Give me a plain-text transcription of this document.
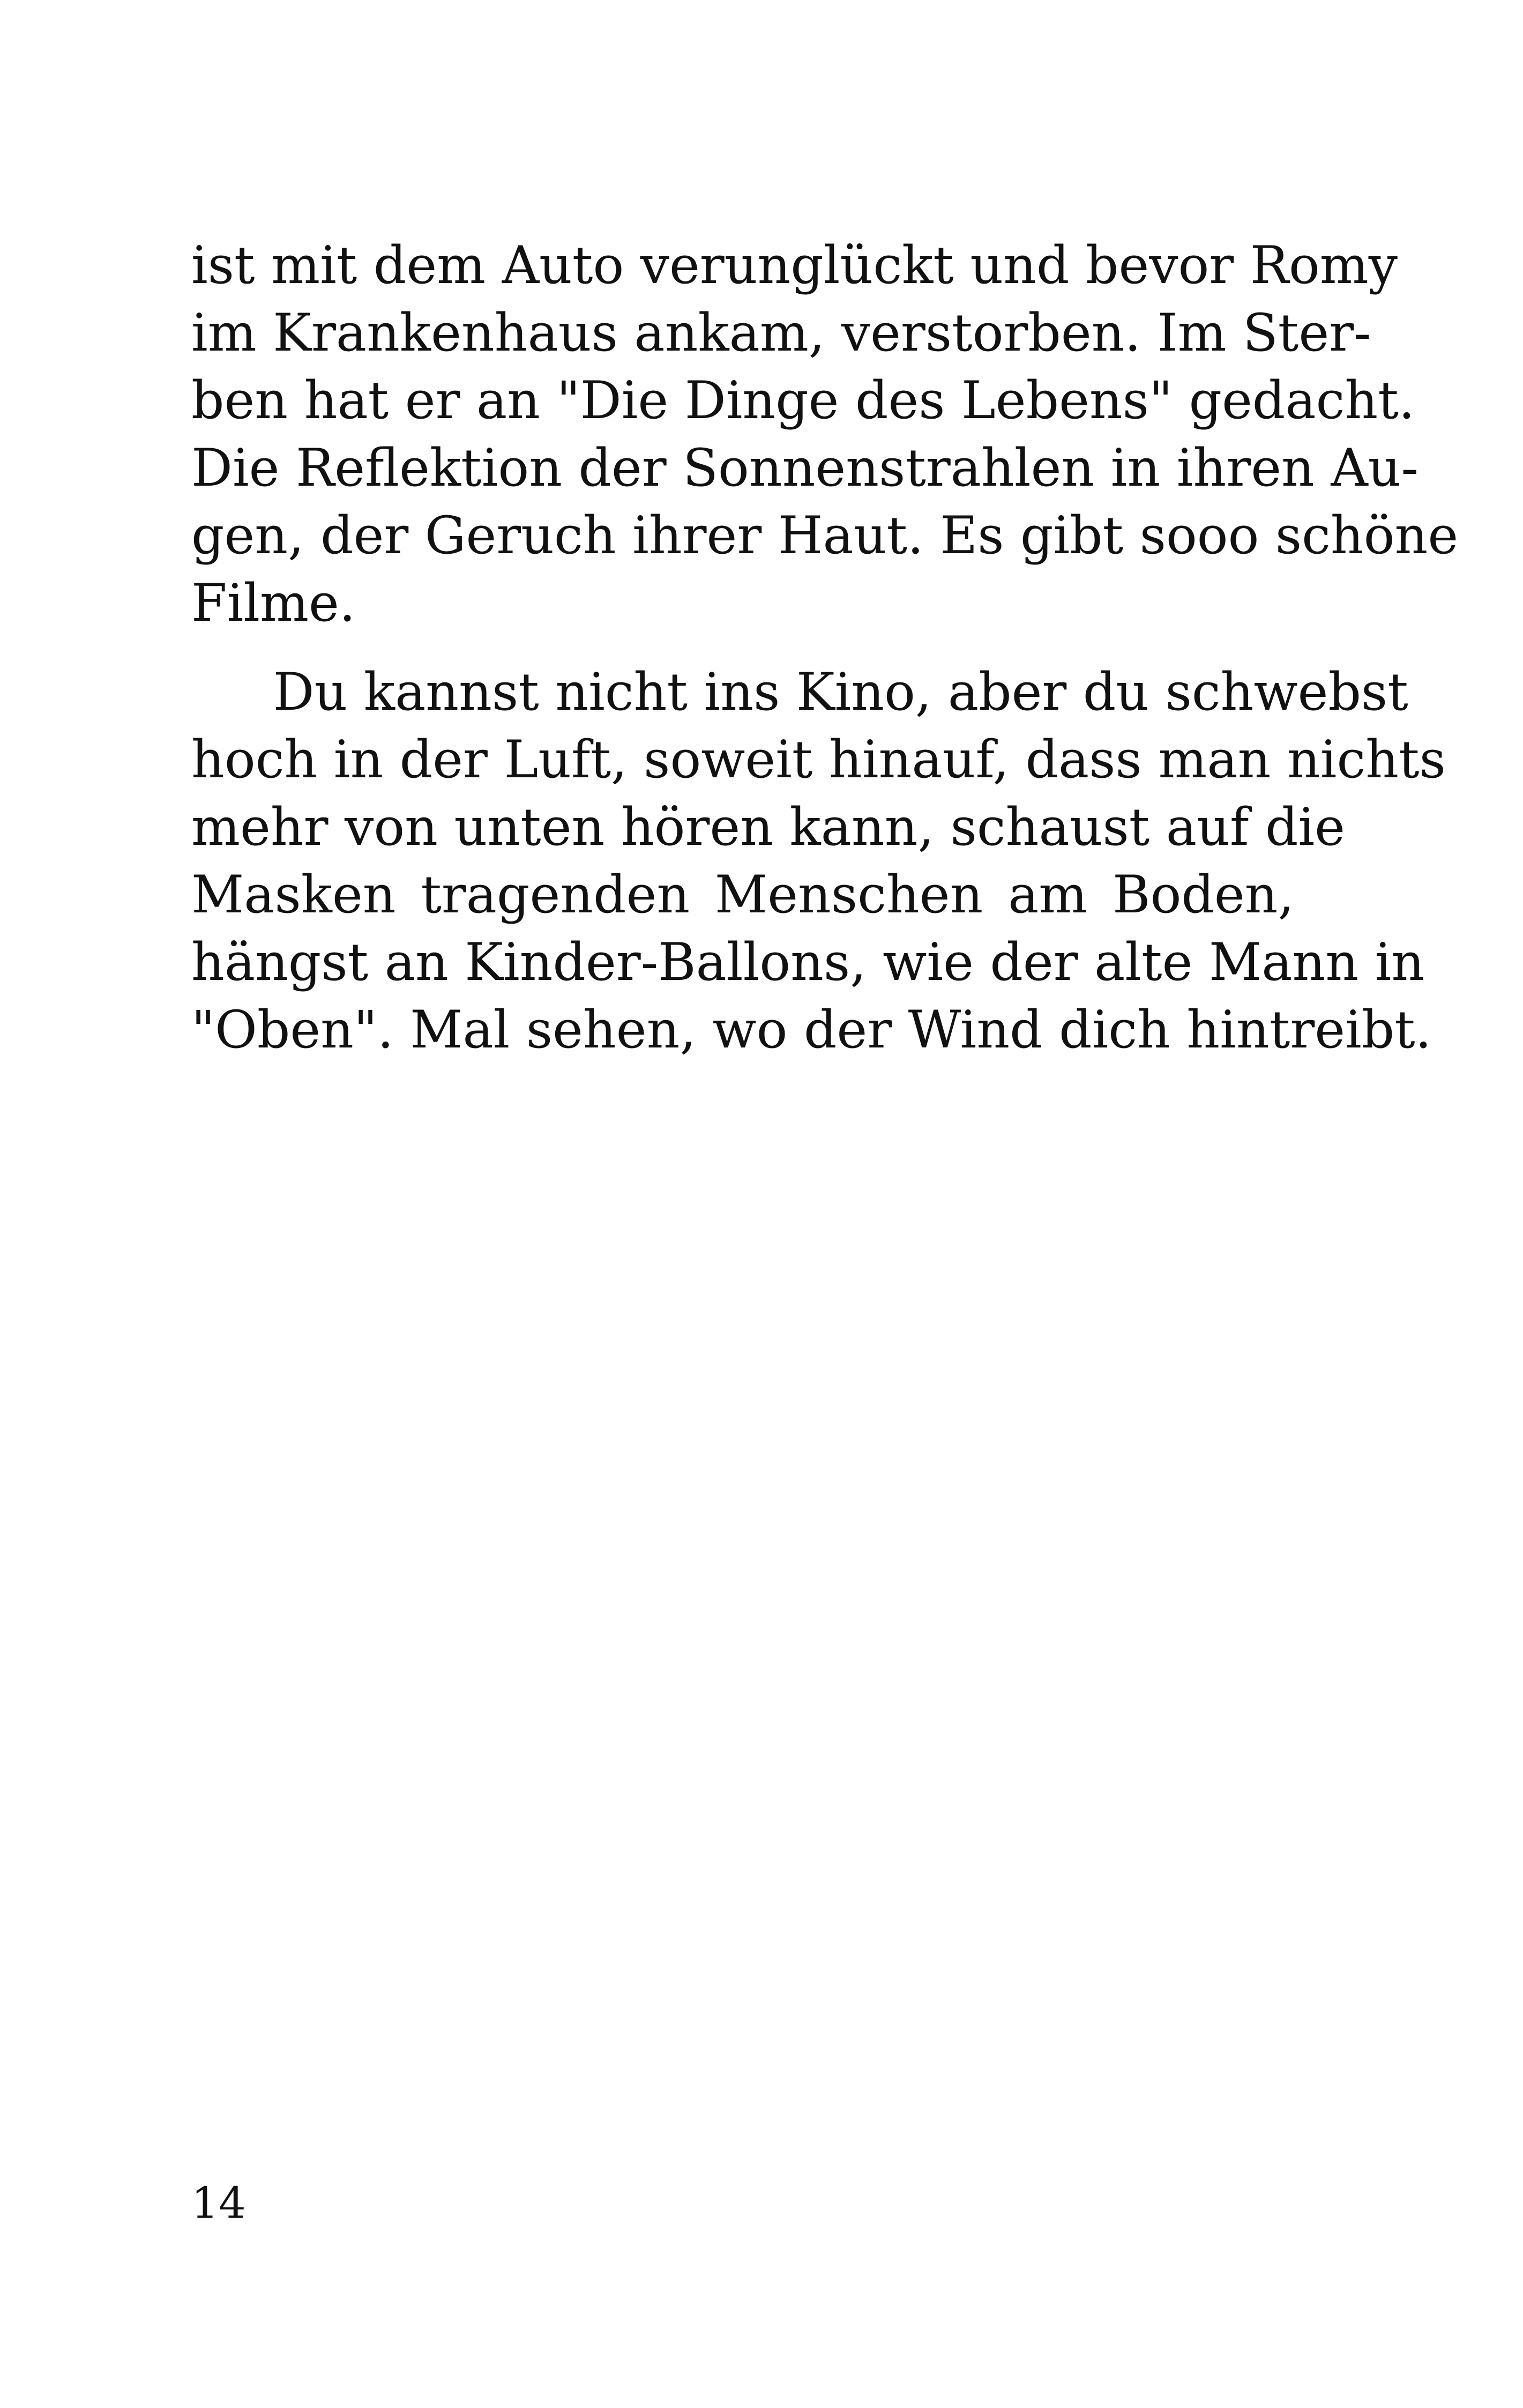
ist mit dem Auto verunglückt und bevor Romy
im Krankenhaus ankam, verstorben. Im Ster-
ben hat er an "Die Dinge des Lebens" gedacht.
Die Reflektion der Sonnenstrahlen in ihren Au-
gen, der Geruch ihrer Haut. Es gibt sooo schöne
Filme.
Du kannst nicht ins Kino, aber du schwebst
hoch in der Luft, soweit hinauf, dass man nichts
mehr von unten hören kann, schaust auf die
Masken tragenden Menschen am Boden,
hängst an Kinder-Ballons, wie der alte Mann in
"Oben". Mal sehen, wo der Wind dich hintreibt.
14
